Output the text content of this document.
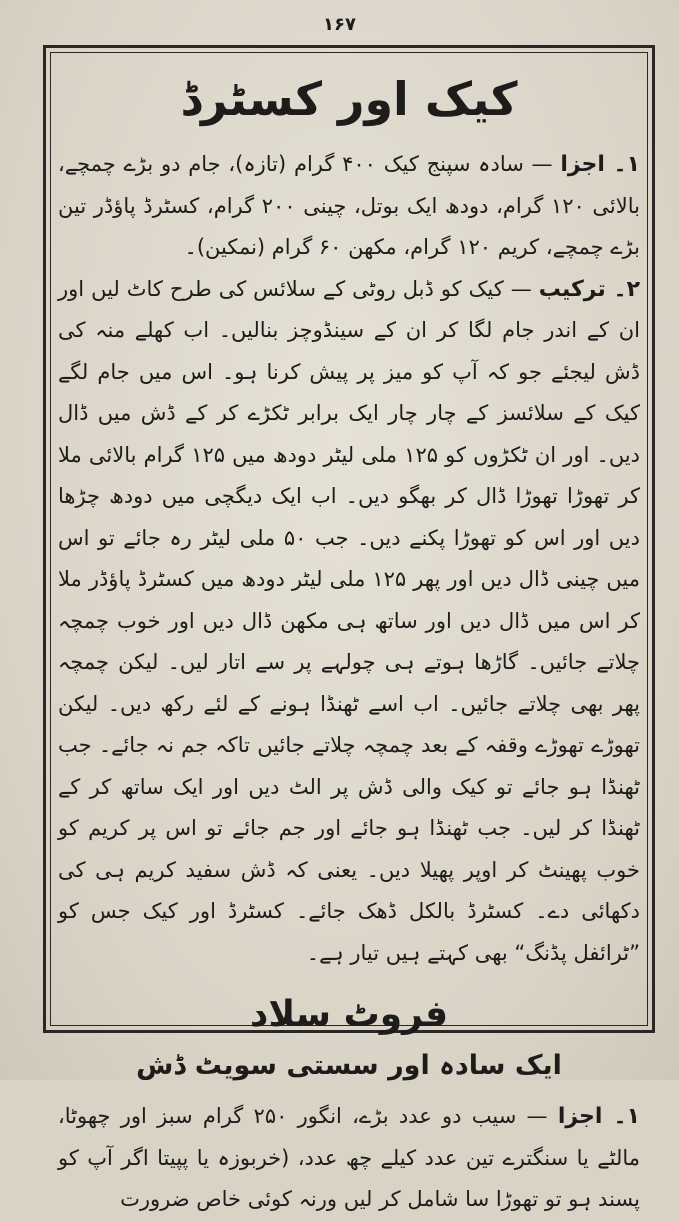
۱۶۷
کیک اور کسٹرڈ

۱۔ اجزا — سادہ سپنج کیک ۴۰۰ گرام (تازہ)، جام دو بڑے چمچے، بالائی ۱۲۰ گرام، دودھ ایک بوتل، چینی ۲۰۰ گرام، کسٹرڈ پاؤڈر تین بڑے چمچے، کریم ۱۲۰ گرام، مکھن ۶۰ گرام (نمکین)۔

۲۔ ترکیب — کیک کو ڈبل روٹی کے سلائس کی طرح کاٹ لیں اور ان کے اندر جام لگا کر ان کے سینڈوچز بنالیں۔ اب کھلے منہ کی ڈش لیجئے جو کہ آپ کو میز پر پیش کرنا ہو۔ اس میں جام لگے کیک کے سلائسز کے چار چار ایک برابر ٹکڑے کر کے ڈش میں ڈال دیں۔ اور ان ٹکڑوں کو ۱۲۵ ملی لیٹر دودھ میں ۱۲۵ گرام بالائی ملا کر تھوڑا تھوڑا ڈال کر بھگو دیں۔ اب ایک دیگچی میں دودھ چڑھا دیں اور اس کو تھوڑا پکنے دیں۔ جب ۵۰ ملی لیٹر رہ جائے تو اس میں چینی ڈال دیں اور پھر ۱۲۵ ملی لیٹر دودھ میں کسٹرڈ پاؤڈر ملا کر اس میں ڈال دیں اور ساتھ ہی مکھن ڈال دیں اور خوب چمچہ چلاتے جائیں۔ گاڑھا ہوتے ہی چولہے پر سے اتار لیں۔ لیکن چمچہ پھر بھی چلاتے جائیں۔ اب اسے ٹھنڈا ہونے کے لئے رکھ دیں۔ لیکن تھوڑے تھوڑے وقفہ کے بعد چمچہ چلاتے جائیں تاکہ جم نہ جائے۔ جب ٹھنڈا ہو جائے تو کیک والی ڈش پر الٹ دیں اور ایک ساتھ کر کے ٹھنڈا کر لیں۔ جب ٹھنڈا ہو جائے اور جم جائے تو اس پر کریم کو خوب پھینٹ کر اوپر پھیلا دیں۔ یعنی کہ ڈش سفید کریم ہی کی دکھائی دے۔ کسٹرڈ بالکل ڈھک جائے۔ کسٹرڈ اور کیک جس کو ”ٹرائفل پڈنگ“ بھی کہتے ہیں تیار ہے۔

فروٹ سلاد
ایک سادہ اور سستی سویٹ ڈش

۱۔ اجزا — سیب دو عدد بڑے، انگور ۲۵۰ گرام سبز اور چھوٹا، مالٹے یا سنگترے تین عدد کیلے چھ عدد، (خربوزہ یا پپیتا اگر آپ کو پسند ہو تو تھوڑا سا شامل کر لیں ورنہ کوئی خاص ضرورت
